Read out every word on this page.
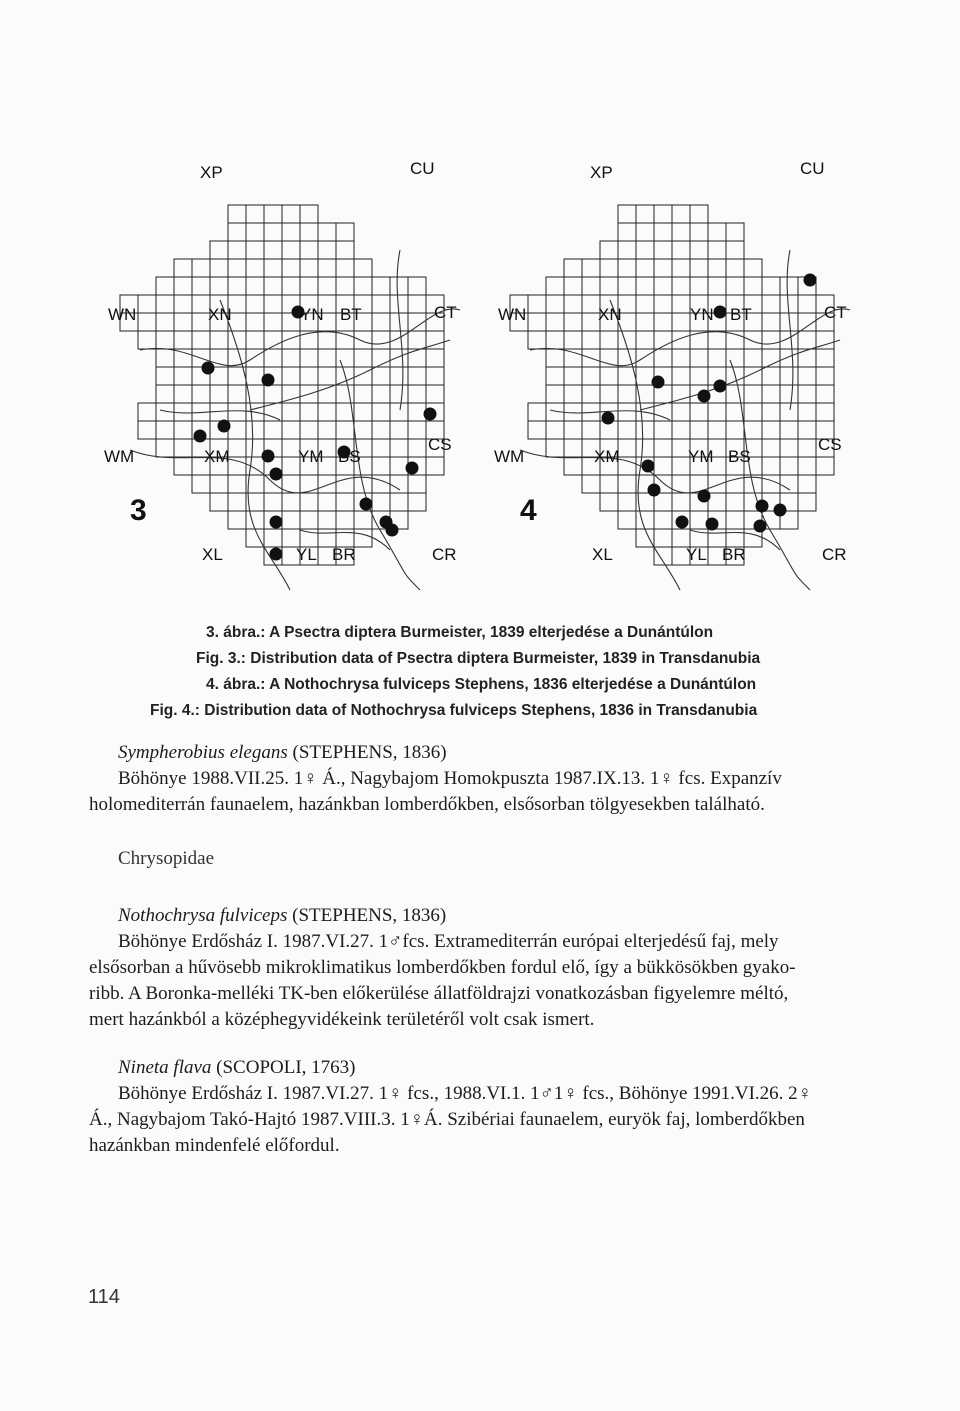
XP	CU
WN	XN	YN BT	CT
WM	XM	YM BS
CS
XL	YL BR	CR
3
XP	CU
WN	XN	YN BT	CT
WM	XM	YM BS
CS
XL	YL BR	CR
4
3. ábra.: A Psectra diptera Burmeister, 1839 elterjedése a Dunántúlon
Fig. 3.: Distribution data of Psectra diptera Burmeister, 1839 in Transdanubia
4. ábra.: A Nothochrysa fulviceps Stephens, 1836 elterjedése a Dunántúlon
Fig. 4.: Distribution data of Nothochrysa fulviceps Stephens, 1836 in Transdanubia
Sympherobius elegans (STEPHENS, 1836)
Böhönye 1988.VII.25. 1♀ Á., Nagybajom Homokpuszta 1987.IX.13. 1♀ fcs. Expanzív
holomediterrán faunaelem, hazánkban lomberdőkben, elsősorban tölgyesekben található.
Chrysopidae
Nothochrysa fulviceps (STEPHENS, 1836)
Böhönye Erdősház I. 1987.VI.27. 1♂fcs. Extramediterrán európai elterjedésű faj, mely
elsősorban a hűvösebb mikroklimatikus lomberdőkben fordul elő, így a bükkösökben gyako-
ribb. A Boronka-melléki TK-ben előkerülése állatföldrajzi vonatkozásban figyelemre méltó,
mert hazánkból a középhegyvidékeink területéről volt csak ismert.
Nineta flava (SCOPOLI, 1763)
Böhönye Erdősház I. 1987.VI.27. 1♀ fcs., 1988.VI.1. 1♂1♀ fcs., Böhönye 1991.VI.26. 2♀
Á., Nagybajom Takó-Hajtó 1987.VIII.3. 1♀Á. Szibériai faunaelem, euryök faj, lomberdőkben
hazánkban mindenfelé előfordul.
114
